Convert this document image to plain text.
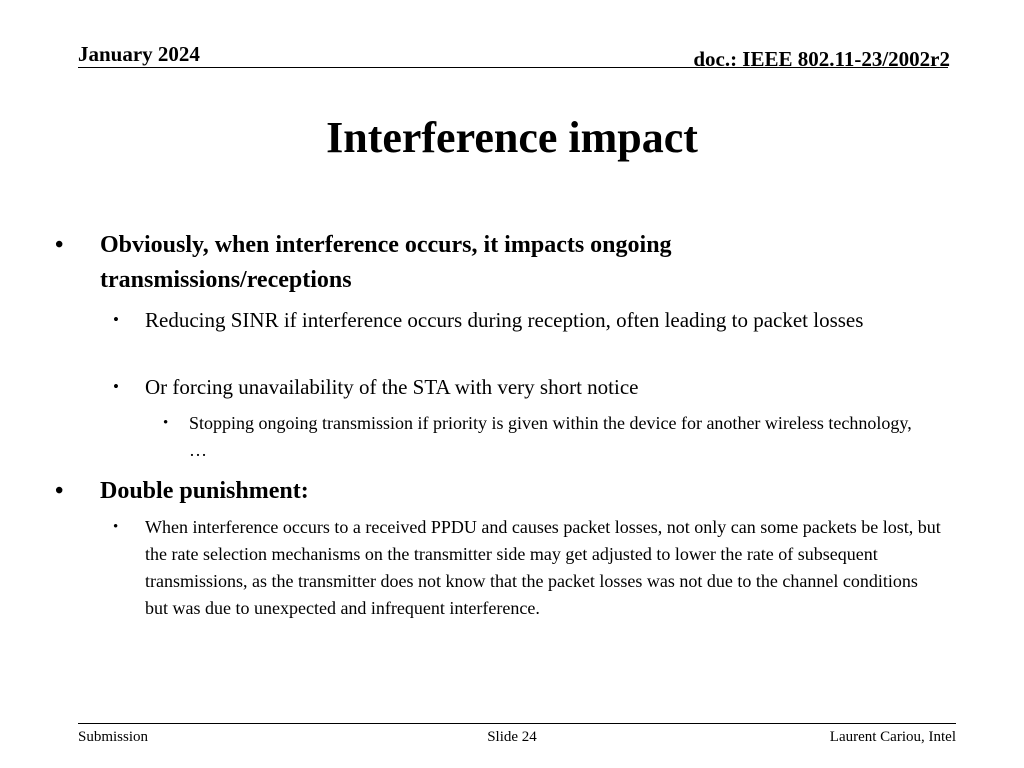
January 2024	doc.: IEEE 802.11-23/2002r2
Interference impact
• Obviously, when interference occurs, it impacts ongoing transmissions/receptions
• Reducing SINR if interference occurs during reception, often leading to packet losses
• Or forcing unavailability of the STA with very short notice
• Stopping ongoing transmission if priority is given within the device for another wireless technology, …
• Double punishment:
• When interference occurs to a received PPDU and causes packet losses, not only can some packets be lost, but the rate selection mechanisms on the transmitter side may get adjusted to lower the rate of subsequent transmissions, as the transmitter does not know that the packet losses was not due to the channel conditions but was due to unexpected and infrequent interference.
Submission	Slide 24	Laurent Cariou, Intel
